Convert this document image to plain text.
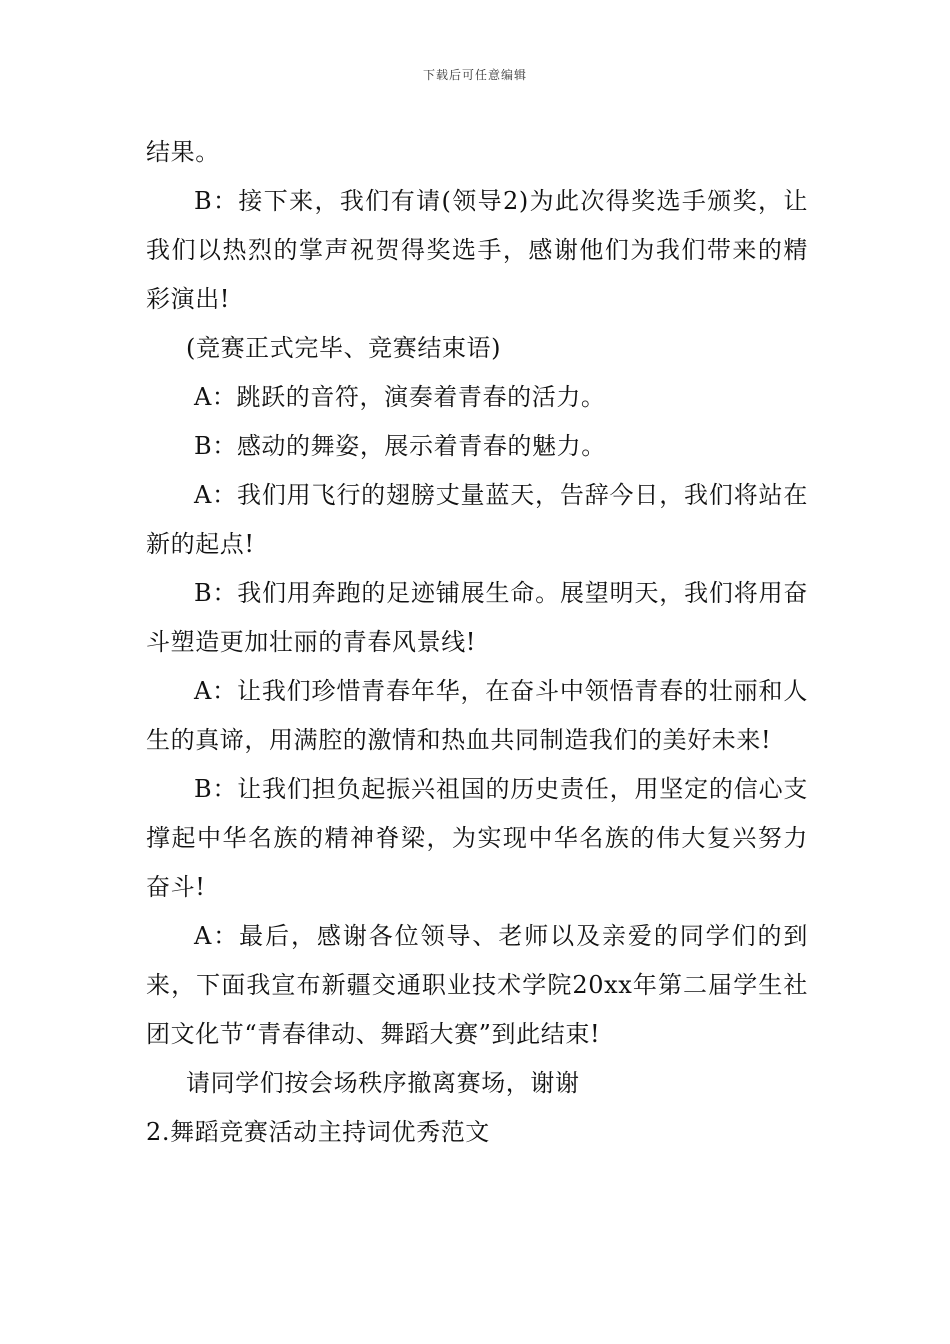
下载后可任意编辑

结果。

B：接下来，我们有请(领导2)为此次得奖选手颁奖，让我们以热烈的掌声祝贺得奖选手，感谢他们为我们带来的精彩演出!

(竞赛正式完毕、竞赛结束语)

A：跳跃的音符，演奏着青春的活力。

B：感动的舞姿，展示着青春的魅力。

A：我们用飞行的翅膀丈量蓝天，告辞今日，我们将站在新的起点!

B：我们用奔跑的足迹铺展生命。展望明天，我们将用奋斗塑造更加壮丽的青春风景线!

A：让我们珍惜青春年华，在奋斗中领悟青春的壮丽和人生的真谛，用满腔的激情和热血共同制造我们的美好未来!

B：让我们担负起振兴祖国的历史责任，用坚定的信心支撑起中华名族的精神脊梁，为实现中华名族的伟大复兴努力奋斗!

A：最后，感谢各位领导、老师以及亲爱的同学们的到来，下面我宣布新疆交通职业技术学院20xx年第二届学生社团文化节“青春律动、舞蹈大赛”到此结束!

请同学们按会场秩序撤离赛场，谢谢

2.舞蹈竞赛活动主持词优秀范文
